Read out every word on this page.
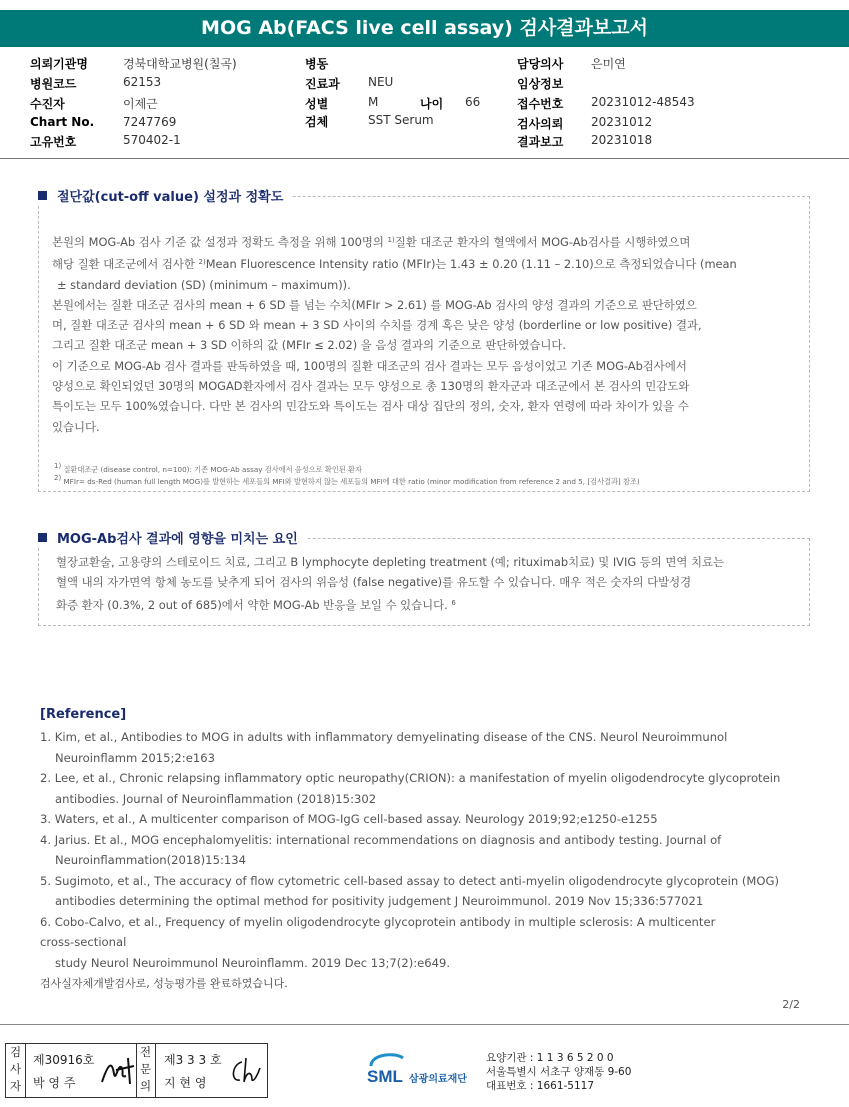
MOG Ab(FACS live cell assay) 검사결과보고서
의뢰기관명	경북대학교병원(칠곡)
병원코드	62153
수진자	이제근
Chart No. 7247769
고유번호	570402-1
병동
진료과 NEU
성별	M	나이 66
검체	SST Serum
담당의사 은미연
임상정보
접수번호 20231012-48543
검사의뢰 20231012
결과보고 20231018
절단값(cut-off value) 설정과 정확도
본원의 MOG-Ab 검사 기준 값 설정과 정확도 측정을 위해 100명의 $^{1)}$질환 대조군 환자의 혈액에서 MOG-Ab검사를 시행하였으며
해당 질환 대조군에서 검사한 $^{2)}$Mean Fluorescence Intensity ratio (MFIr)는 1.43 ± 0.20 (1.11 – 2.10)으로 측정되었습니다 (mean
± standard deviation (SD) (minimum – maximum)).
본원에서는 질환 대조군 검사의 mean + 6 SD 를 넘는 수치(MFIr > 2.61) 를 MOG-Ab 검사의 양성 결과의 기준으로 판단하였으
며, 질환 대조군 검사의 mean + 6 SD 와 mean + 3 SD 사이의 수치를 경계 혹은 낮은 양성 (borderline or low positive) 결과,
그리고 질환 대조군 mean + 3 SD 이하의 값 (MFIr ≤ 2.02) 을 음성 결과의 기준으로 판단하였습니다.
이 기준으로 MOG-Ab 검사 결과를 판독하였을 때, 100명의 질환 대조군의 검사 결과는 모두 음성이었고 기존 MOG-Ab검사에서
양성으로 확인되었던 30명의 MOGAD환자에서 검사 결과는 모두 양성으로 총 130명의 환자군과 대조군에서 본 검사의 민감도와
특이도는 모두 100%였습니다. 다만 본 검사의 민감도와 특이도는 검사 대상 집단의 정의, 숫자, 환자 연령에 따라 차이가 있을 수
있습니다.
$^{1)}$ 질환대조군 (disease control, n=100): 기존 MOG-Ab assay 검사에서 음성으로 확인된 환자
$^{2)}$ MFIr= ds-Red (human full length MOG)를 발현하는 세포들의 MFI와 발현하지 않는 세포들의 MFI에 대한 ratio (minor modification from reference 2 and 5, [검사결과] 참조)
MOG-Ab검사 결과에 영향을 미치는 요인
혈장교환술, 고용량의 스테로이드 치료, 그리고 B lymphocyte depleting treatment (예; rituximab치료) 및 IVIG 등의 면역 치료는
혈액 내의 자가면역 항체 농도를 낮추게 되어 검사의 위음성 (false negative)를 유도할 수 있습니다. 매우 적은 숫자의 다발성경
화증 환자 (0.3%, 2 out of 685)에서 약한 MOG-Ab 반응을 보일 수 있습니다. $^6$
[Reference]
1. Kim, et al., Antibodies to MOG in adults with inflammatory demyelinating disease of the CNS. Neurol Neuroimmunol
Neuroinflamm 2015;2:e163
2. Lee, et al., Chronic relapsing inflammatory optic neuropathy(CRION): a manifestation of myelin oligodendrocyte glycoprotein
antibodies. Journal of Neuroinflammation (2018)15:302
3. Waters, et al., A multicenter comparison of MOG-IgG cell-based assay. Neurology 2019;92;e1250-e1255
4. Jarius. Et al., MOG encephalomyelitis: international recommendations on diagnosis and antibody testing. Journal of
Neuroinflammation(2018)15:134
5. Sugimoto, et al., The accuracy of flow cytometric cell-based assay to detect anti-myelin oligodendrocyte glycoprotein (MOG)
antibodies determining the optimal method for positivity judgement J Neuroimmunol. 2019 Nov 15;336:577021
6. Cobo-Calvo, et al., Frequency of myelin oligodendrocyte glycoprotein antibody in multiple sclerosis: A multicenter
cross-sectional
study Neurol Neuroimmunol Neuroinflamm. 2019 Dec 13;7(2):e649.
검사실자체개발검사로, 성능평가를 완료하였습니다.
2/2
검
사
자
제30916호
박 영 주
전
문
의
제3 3 3 호
지 현 영	SML 삼광의료재단
요양기관 : 1 1 3 6 5 2 0 0
서울특별시 서초구 양재동 9-60
대표번호 : 1661-5117
